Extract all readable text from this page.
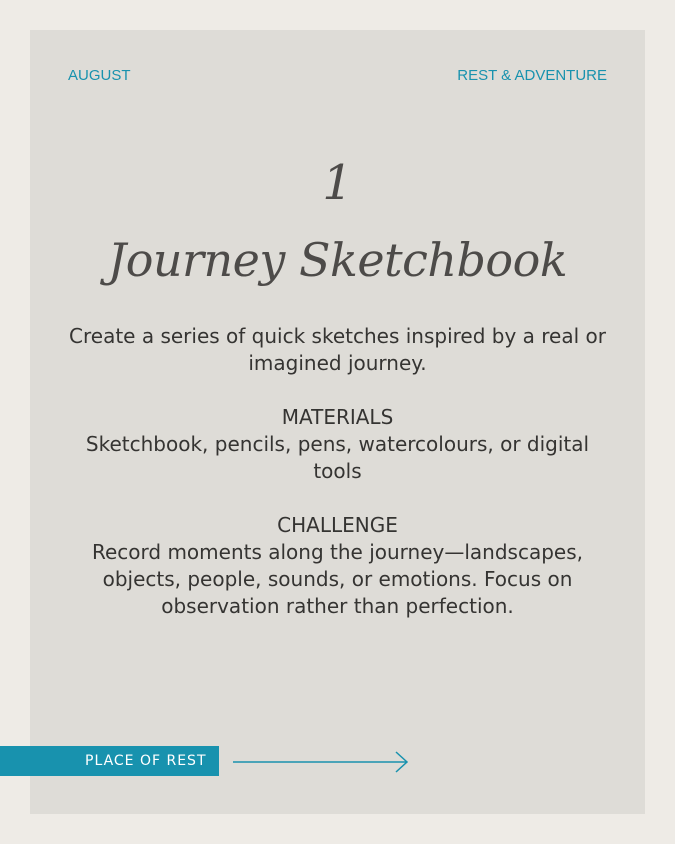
AUGUST	REST & ADVENTURE
1
Journey Sketchbook
Create a series of quick sketches inspired by a real or imagined journey.
MATERIALS
Sketchbook, pencils, pens, watercolours, or digital tools
CHALLENGE
Record moments along the journey—landscapes, objects, people, sounds, or emotions. Focus on observation rather than perfection.
PLACE OF REST
